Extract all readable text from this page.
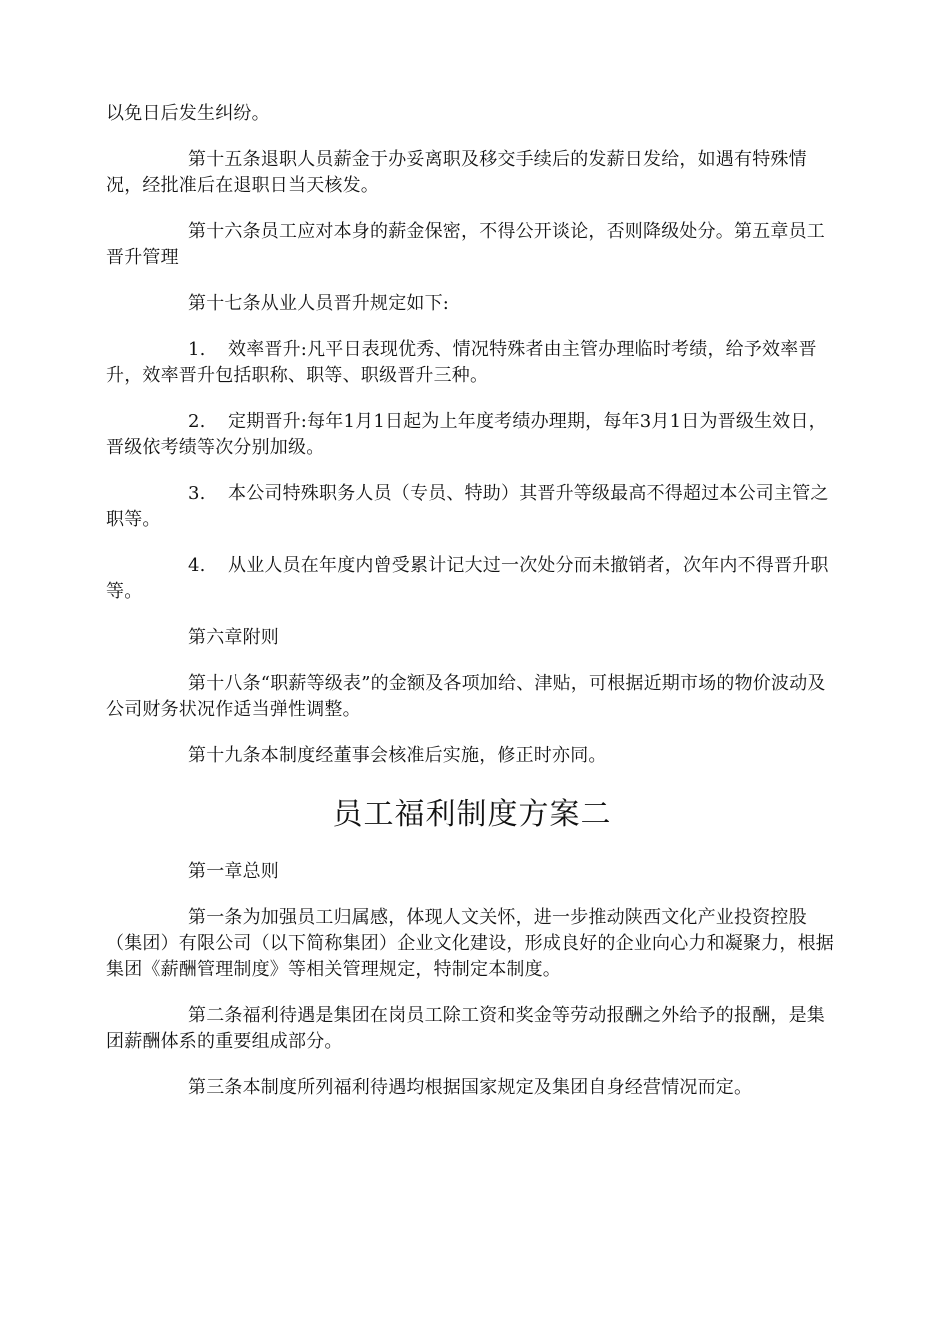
以免日后发生纠纷。

第十五条退职人员薪金于办妥离职及移交手续后的发薪日发给，如遇有特殊情况，经批准后在退职日当天核发。

第十六条员工应对本身的薪金保密，不得公开谈论，否则降级处分。第五章员工晋升管理

第十七条从业人员晋升规定如下:

1. 效率晋升:凡平日表现优秀、情况特殊者由主管办理临时考绩，给予效率晋升，效率晋升包括职称、职等、职级晋升三种。

2. 定期晋升:每年1月1日起为上年度考绩办理期，每年3月1日为晋级生效日，晋级依考绩等次分别加级。

3. 本公司特殊职务人员（专员、特助）其晋升等级最高不得超过本公司主管之职等。

4. 从业人员在年度内曾受累计记大过一次处分而未撤销者，次年内不得晋升职等。

第六章附则

第十八条“职薪等级表”的金额及各项加给、津贴，可根据近期市场的物价波动及公司财务状况作适当弹性调整。

第十九条本制度经董事会核准后实施，修正时亦同。

员工福利制度方案二

第一章总则

第一条为加强员工归属感，体现人文关怀，进一步推动陕西文化产业投资控股（集团）有限公司（以下简称集团）企业文化建设，形成良好的企业向心力和凝聚力，根据集团《薪酬管理制度》等相关管理规定，特制定本制度。

第二条福利待遇是集团在岗员工除工资和奖金等劳动报酬之外给予的报酬，是集团薪酬体系的重要组成部分。

第三条本制度所列福利待遇均根据国家规定及集团自身经营情况而定。
